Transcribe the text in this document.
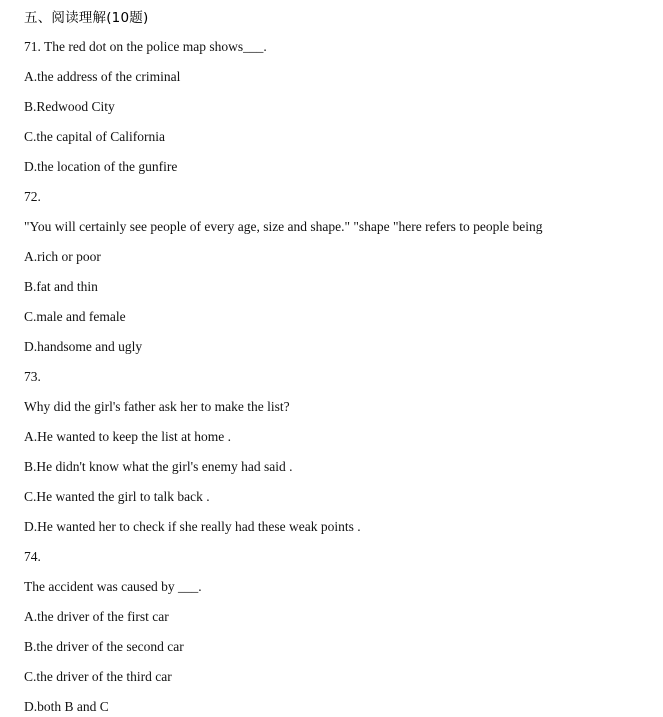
五、阅读理解(10题)
71. The red dot on the police map shows___.
A.the address of the criminal
B.Redwood City
C.the capital of California
D.the location of the gunfire
72.
"You will certainly see people of every age, size and shape." "shape "here refers to people being
A.rich or poor
B.fat and thin
C.male and female
D.handsome and ugly
73.
Why did the girl's father ask her to make the list?
A.He wanted to keep the list at home .
B.He didn't know what the girl's enemy had said .
C.He wanted the girl to talk back .
D.He wanted her to check if she really had these weak points .
74.
The accident was caused by ___.
A.the driver of the first car
B.the driver of the second car
C.the driver of the third car
D.both B and C
